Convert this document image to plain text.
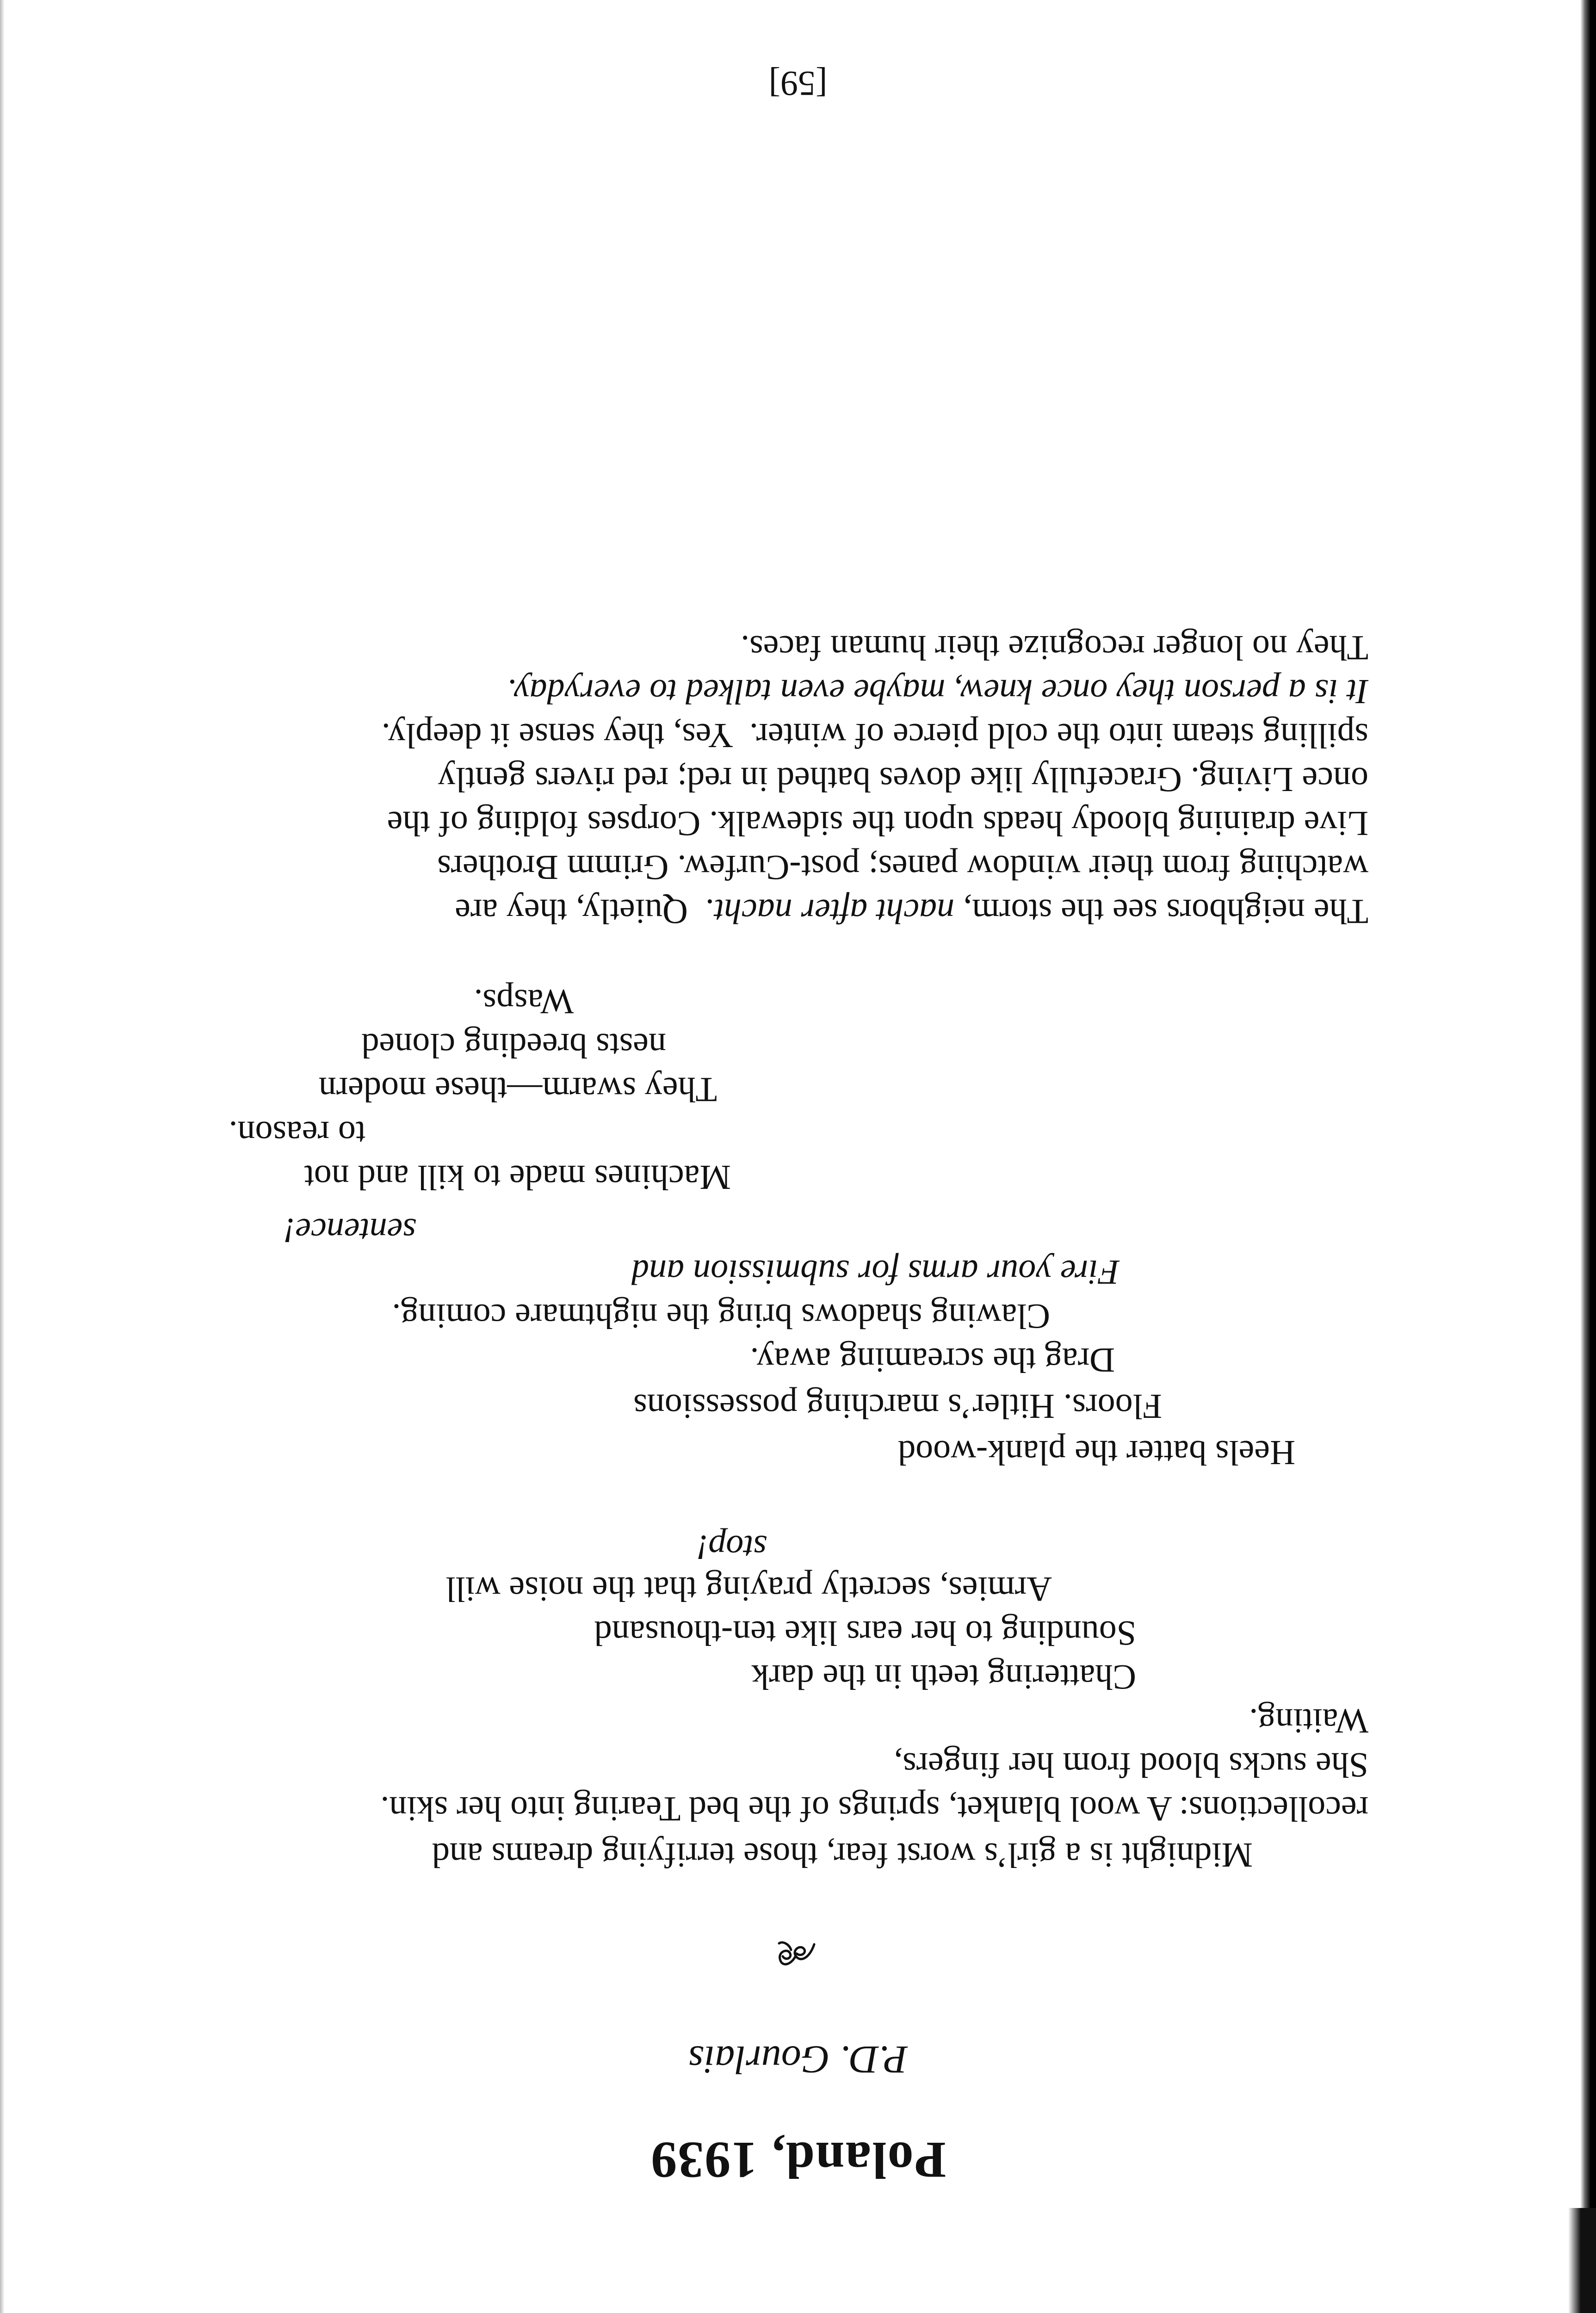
Poland, 1939
P.D. Gourlais
Midnight is a girl’s worst fear, those terrifying dreams and
recollections: A wool blanket, springs of the bed Tearing into her skin.
She sucks blood from her fingers,
Waiting.
Chattering teeth in the dark
Sounding to her ears like ten-thousand
Armies, secretly praying that the noise will
stop!
Heels batter the plank-wood
Floors. Hitler’s marching possessions
Drag the screaming away.
Clawing shadows bring the nightmare coming.
Fire your arms for submission and
sentence!
Machines made to kill and not
to reason.
They swarm—these modern
nests breeding cloned
Wasps.
The neighbors see the storm, nacht after nacht.  Quietly, they are
watching from their window panes; post-Curfew. Grimm Brothers
Live draining bloody heads upon the sidewalk. Corpses folding of the
once Living. Gracefully like doves bathed in red; red rivers gently
spilling steam into the cold pierce of winter.  Yes, they sense it deeply.
It is a person they once knew, maybe even talked to everyday.
They no longer recognize their human faces.
[59]
